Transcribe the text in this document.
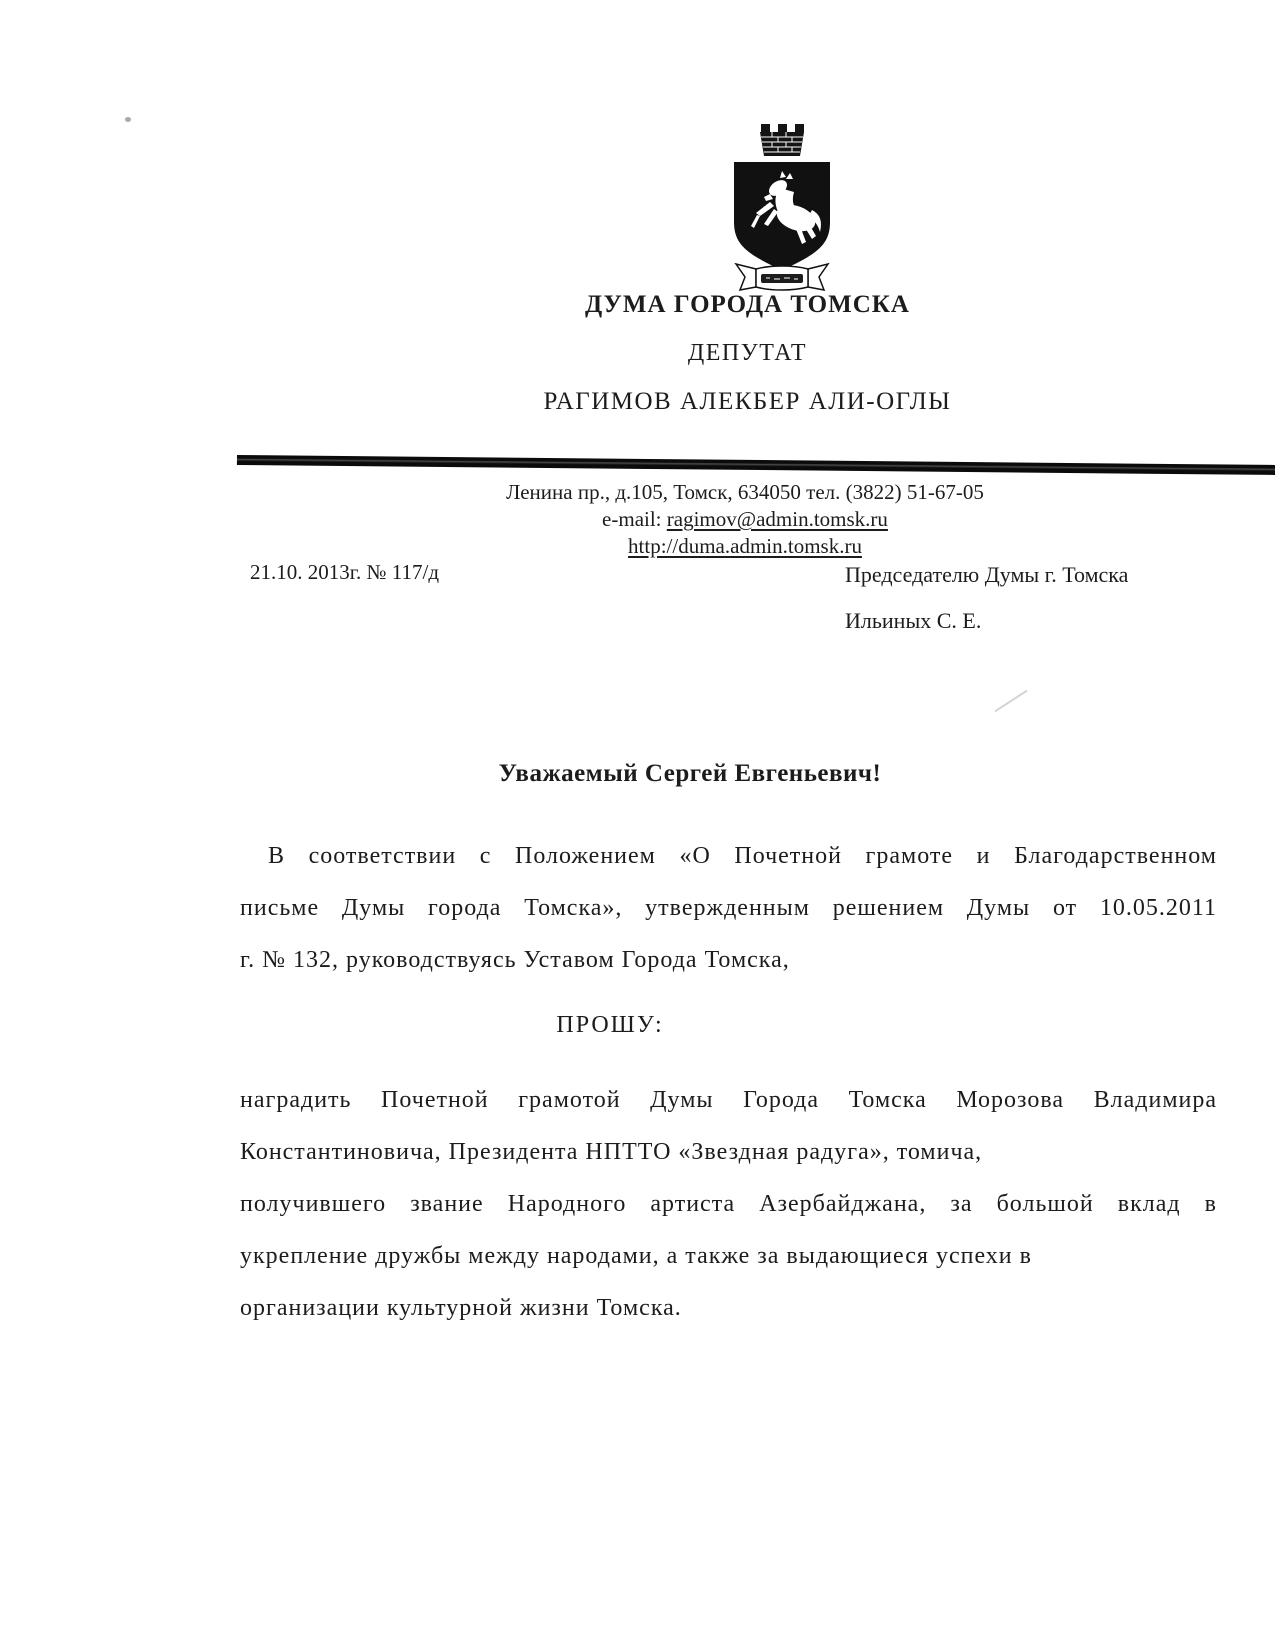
ДУМА ГОРОДА ТОМСКА
ДЕПУТАТ
РАГИМОВ АЛЕКБЕР АЛИ-ОГЛЫ
Ленина пр., д.105, Томск, 634050 тел. (3822) 51-67-05
e-mail: ragimov@admin.tomsk.ru
http://duma.admin.tomsk.ru
21.10. 2013г. № 117/д	Председателю Думы г. Томска
Ильиных С. Е.
Уважаемый Сергей Евгеньевич!
В соответствии с Положением «О Почетной грамоте и Благодарственном
письме Думы города Томска», утвержденным решением Думы от 10.05.2011
г. № 132, руководствуясь Уставом Города Томска,
ПРОШУ:
наградить Почетной грамотой Думы Города Томска Морозова Владимира
Константиновича, Президента НПТТО «Звездная радуга», томича,
получившего звание Народного артиста Азербайджана, за большой вклад в
укрепление дружбы между народами, а также за выдающиеся успехи в
организации культурной жизни Томска.
